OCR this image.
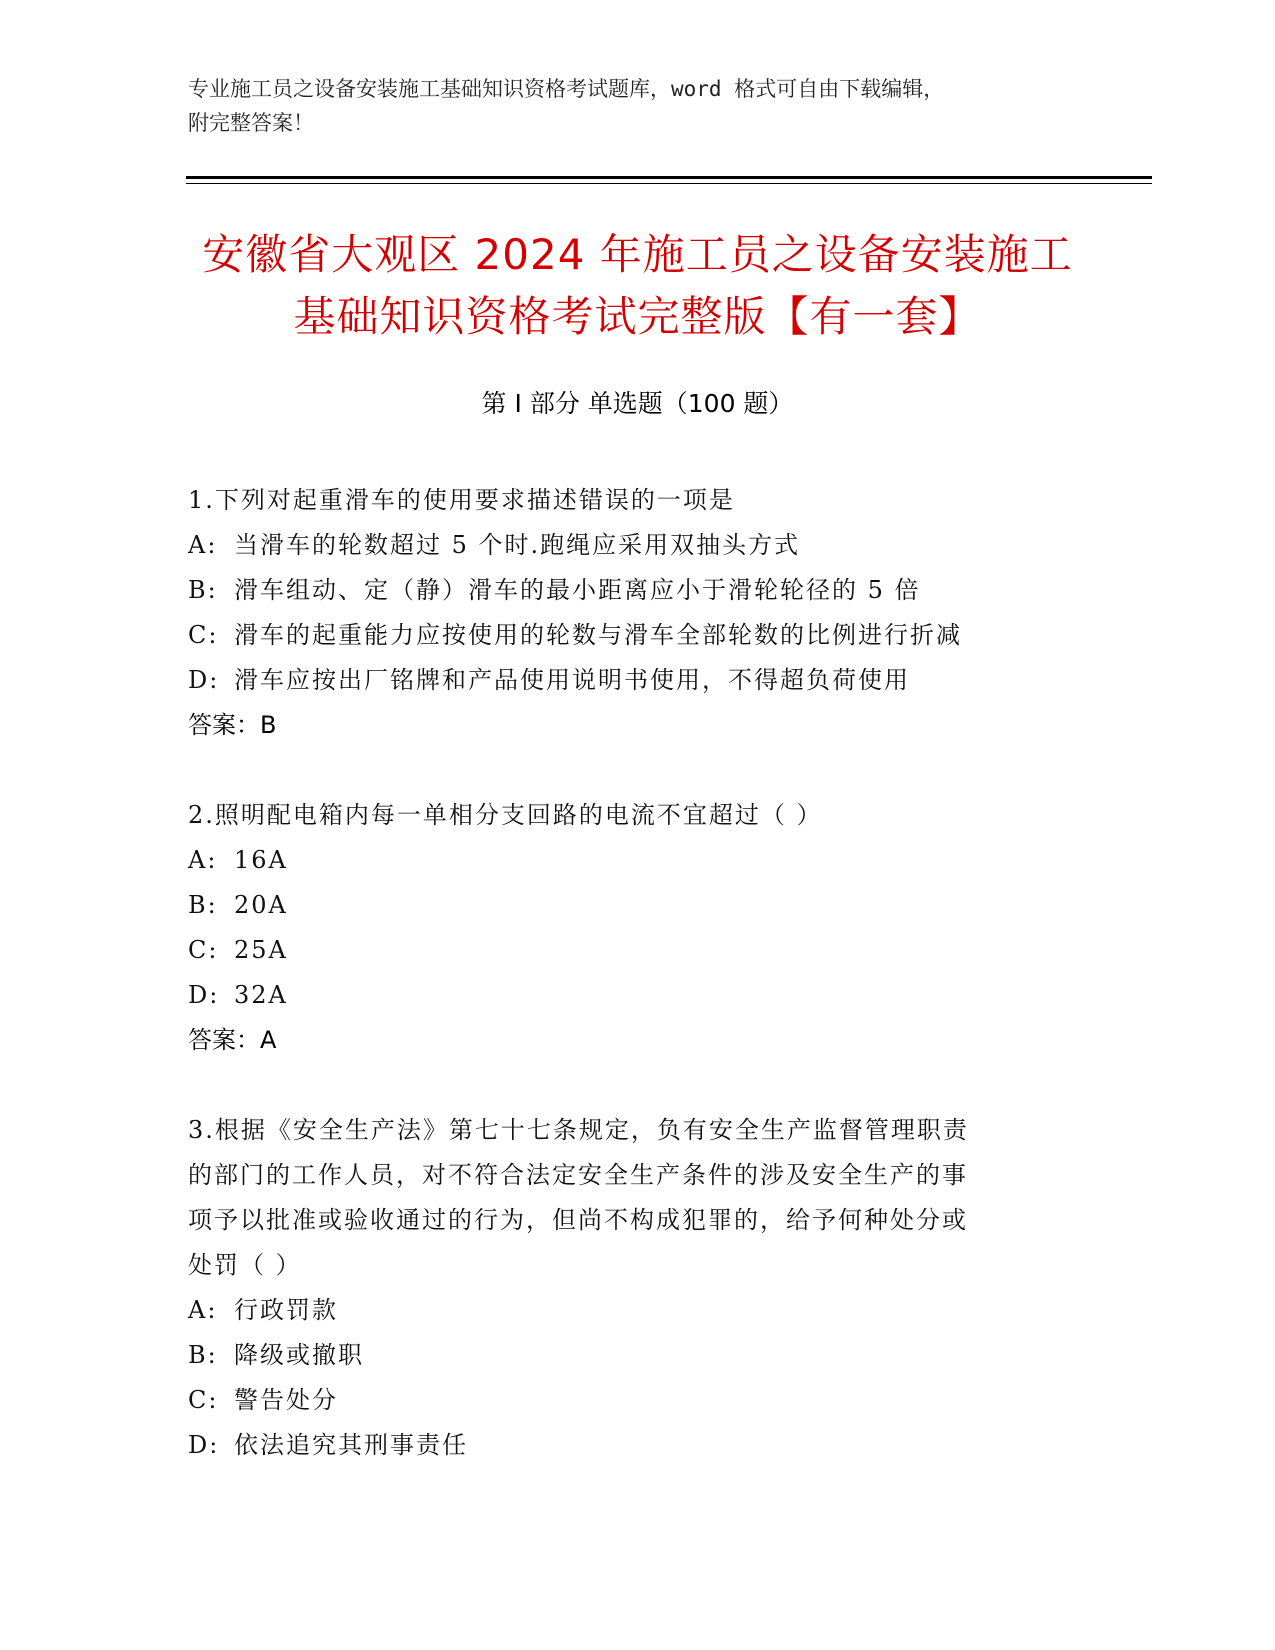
专业施工员之设备安装施工基础知识资格考试题库，word 格式可自由下载编辑，
附完整答案！
安徽省大观区 2024 年施工员之设备安装施工
基础知识资格考试完整版【有一套】
第 I 部分 单选题（100 题）
1.下列对起重滑车的使用要求描述错误的一项是
A: 当滑车的轮数超过 5 个时.跑绳应采用双抽头方式
B: 滑车组动、定（静）滑车的最小距离应小于滑轮轮径的 5 倍
C: 滑车的起重能力应按使用的轮数与滑车全部轮数的比例进行折减
D: 滑车应按出厂铭牌和产品使用说明书使用，不得超负荷使用
答案：B
2.照明配电箱内每一单相分支回路的电流不宜超过（ ）
A: 16A
B: 20A
C: 25A
D: 32A
答案：A
3.根据《安全生产法》第七十七条规定，负有安全生产监督管理职责
的部门的工作人员，对不符合法定安全生产条件的涉及安全生产的事
项予以批准或验收通过的行为，但尚不构成犯罪的，给予何种处分或
处罚（ ）
A: 行政罚款
B: 降级或撤职
C: 警告处分
D: 依法追究其刑事责任
